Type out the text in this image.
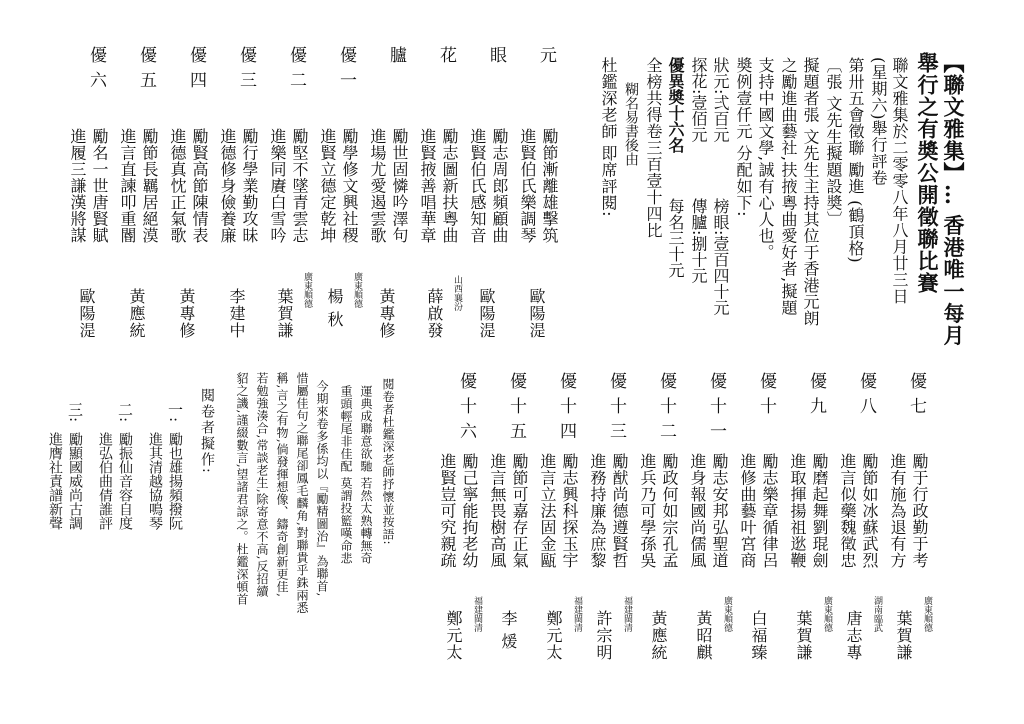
【聯文雅集】… 香港唯一每月
舉行之有奬公開徵聯比賽
聯文雅集於二零零八年八月廿三日
(星期六)舉行評卷
第卅五會徵聯 勵進 (鶴頂格)
〔張 文先生擬題設奬〕
擬題者張 文先生主持其位于香港元朗
之勵進曲藝社,扶掖粵曲愛好者,擬題
支持中國文學,誠有心人也。
奬例壹仟元 分配如下:
狀元:弍百元
榜眼:壹百四十元
探花:壹佰元
傳臚:捌十元
優異奬十六名
每名三十元
全榜共得卷三百壹十四比
糊名易書後由
杜鑑深老師 即席評閱:
元
勵節漸離雄擊筑
進賢伯氏樂調琴
歐陽湜
眼
勵志周郎頻顧曲
進賢伯氏感知音
歐陽湜
花
勵志圖新扶粵曲
進賢掖善唱華章
山西襄汾
薛啟發
臚
勵世固憐吟澤句
進場尤愛遏雲歌
黃專修
優一
勵學修文興社稷
進賢立德定乾坤
廣東順德
楊 秋
優二
勵堅不墜青雲志
進樂同賡白雪吟
廣東順德
葉賀謙
優三
勵行學業勤攻昧
進德修身儉養廉
李建中
優四
勵賢高節陳情表
進德真忱正氣歌
黃專修
優五
勵節長羈居絕漠
進言直諫叩重閽
黃應統
優六
勵名一世唐賢賦
進履三謙漢將謀
歐陽湜
優七
勵于行政勤于考
進有施為退有方
廣東順德
葉賀謙
優八
勵節如冰蘇武烈
進言似藥魏徵忠
湖南臨武
唐志專
優九
勵磨起舞劉琨劍
進取揮揚祖逖鞭
廣東順德
葉賀謙
優十
勵志樂章循律呂
進修曲藝叶宮商
白福臻
優十一
勵志安邦弘聖道
進身報國尚儒風
廣東順德
黃昭麒
優十二
勵政何如宗孔孟
進兵乃可學孫吳
黃應統
優十三
勵猷尚德遵賢哲
進務持廉為庶黎
福建閩清
許宗明
優十四
勵志興科探玉宇
進言立法固金甌
福建閩清
鄭元太
優十五
勵節可嘉存正氣
進言無畏樹高風
李 煖
優十六
勵己寧能拘老幼
進賢豈可究親疏
福建閩清
鄭元太
閱卷者杜鑑深老師抒懷並按語:
運典成聯意欲馳 若然太熟轉無奇
重頭輕尾非佳配 莫謂投籃嘆命悲
今期來卷多係均以『勵精圖治』為聯首,
惜屬佳句之聯尾卻鳳毛麟角,對聯貴乎銖兩悉
稱,言之有物,倘發揮想像、鑄奇創新更佳,
若勉強湊合,常談老生,除寄意不高,反招續
貂之譏,謹綴數言,望諸君諒之。杜鑑深頓首
閱卷者擬作:
一:
勵也雄揚頻撥阮
進其清越協鳴琴
二:
勵振仙音容自度
進弘伯曲倩誰評
三:
勵顯國威尚古調
進膺社責譜新聲
